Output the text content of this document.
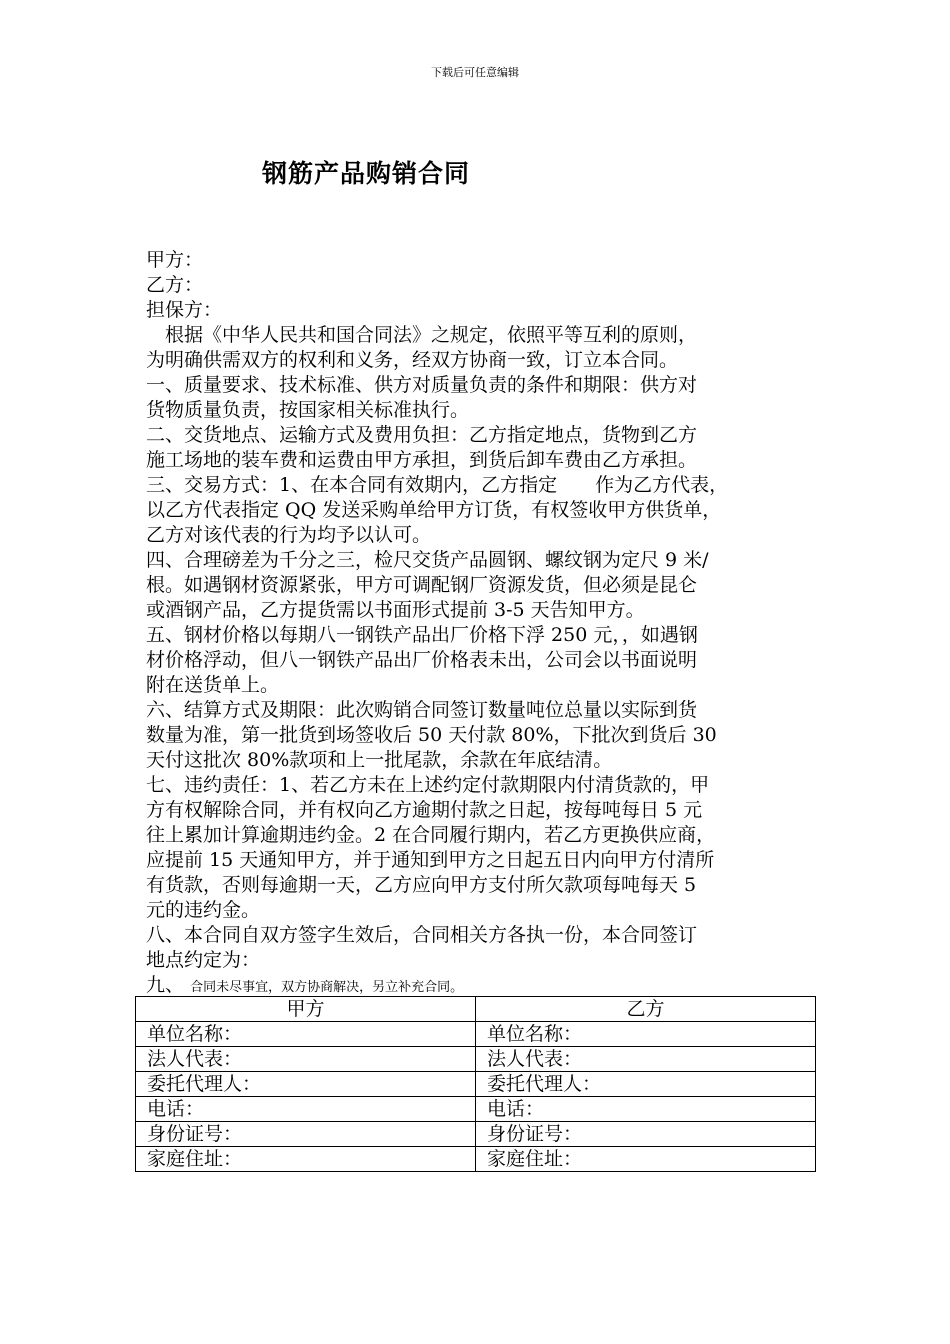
下载后可任意编辑
钢筋产品购销合同

甲方：

乙方：

担保方：

　根据《中华人民共和国合同法》之规定，依照平等互利的原则，

为明确供需双方的权利和义务，经双方协商一致，订立本合同。

一、质量要求、技术标准、供方对质量负责的条件和期限：供方对

货物质量负责，按国家相关标准执行。

二、交货地点、运输方式及费用负担：乙方指定地点，货物到乙方

施工场地的装车费和运费由甲方承担，到货后卸车费由乙方承担。

三、交易方式：1、在本合同有效期内，乙方指定　　作为乙方代表，

以乙方代表指定 QQ 发送采购单给甲方订货，有权签收甲方供货单，

乙方对该代表的行为均予以认可。

四、合理磅差为千分之三，检尺交货产品圆钢、螺纹钢为定尺 9 米/

根。如遇钢材资源紧张，甲方可调配钢厂资源发货，但必须是昆仑

或酒钢产品，乙方提货需以书面形式提前 3-5 天告知甲方。

五、钢材价格以每期八一钢铁产品出厂价格下浮 250 元，，如遇钢

材价格浮动，但八一钢铁产品出厂价格表未出，公司会以书面说明

附在送货单上。

六、结算方式及期限：此次购销合同签订数量吨位总量以实际到货

数量为准，第一批货到场签收后 50 天付款 80%，下批次到货后 30

天付这批次 80%款项和上一批尾款，余款在年底结清。

七、违约责任：1、若乙方未在上述约定付款期限内付清货款的，甲

方有权解除合同，并有权向乙方逾期付款之日起，按每吨每日 5 元

往上累加计算逾期违约金。2 在合同履行期内，若乙方更换供应商，

应提前 15 天通知甲方，并于通知到甲方之日起五日内向甲方付清所

有货款，否则每逾期一天，乙方应向甲方支付所欠款项每吨每天 5

元的违约金。

八、本合同自双方签字生效后，合同相关方各执一份，本合同签订

地点约定为：

九、 合同未尽事宜，双方协商解决，另立补充合同。
甲方	乙方
单位名称：	单位名称：
法人代表：	法人代表：
委托代理人：	委托代理人：
电话：	电话：
身份证号：	身份证号：
家庭住址：	家庭住址：
